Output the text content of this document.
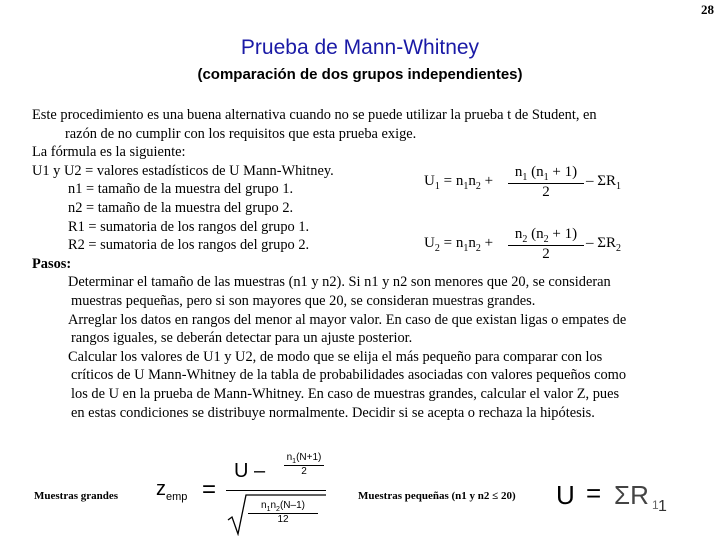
28
Prueba de Mann-Whitney
(comparación de dos grupos independientes)
Este procedimiento es una buena alternativa cuando no se puede utilizar la prueba t de Student, en
razón de no cumplir con los requisitos que esta prueba exige.
La fórmula es la siguiente:
U1 y U2 = valores estadísticos de U Mann-Whitney.
n1 = tamaño de la muestra del grupo 1.
n2 = tamaño de la muestra del grupo 2.
R1 = sumatoria de los rangos del grupo 1.
R2 = sumatoria de los rangos del grupo 2.
Pasos:
Determinar el tamaño de las muestras (n1 y n2). Si n1 y n2 son menores que 20, se consideran
muestras pequeñas, pero si son mayores que 20, se consideran muestras grandes.
Arreglar los datos en rangos del menor al mayor valor. En caso de que existan ligas o empates de
rangos iguales, se deberán detectar para un ajuste posterior.
Calcular los valores de U1 y U2, de modo que se elija el más pequeño para comparar con los
críticos de U Mann-Whitney de la tabla de probabilidades asociadas con valores pequeños como
los de U en la prueba de Mann-Whitney. En caso de muestras grandes, calcular el valor Z, pues
en estas condiciones se distribuye normalmente. Decidir si se acepta o rechaza la hipótesis.
$U_1 = n_1n_2 + \frac{n_1 (n_1 + 1)}{2} - \Sigma R_1$
$U_2 = n_1n_2 + \frac{n_2 (n_2 + 1)}{2} - \Sigma R_2$
Muestras grandes $z_{emp}$ =
U –
$n_1(N+1)$
2
$n_1n_2(N-1)$
12
Muestras pequeñas (n1 y n2 ≤ 20) U = ΣR 1 1
